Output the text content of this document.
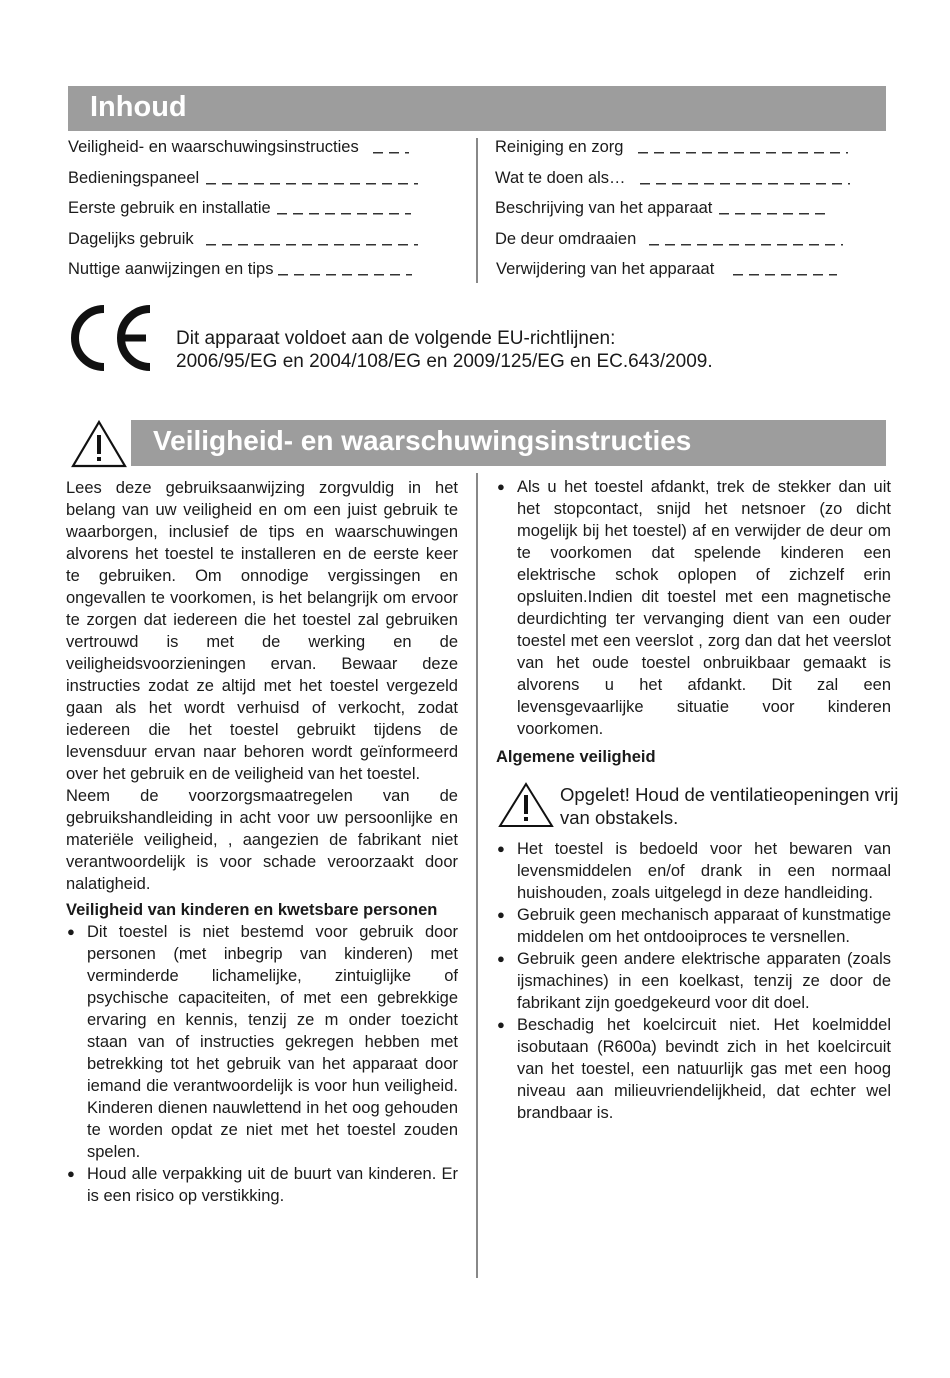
Inhoud
Veiligheid- en waarschuwingsinstructies
Bedieningspaneel
Eerste gebruik en installatie
Dagelijks gebruik
Nuttige aanwijzingen en tips
Reiniging en zorg
Wat te doen als…
Beschrijving van het apparaat
De deur omdraaien
Verwijdering van het apparaat
Dit apparaat voldoet aan de volgende EU-richtlijnen:
2006/95/EG en 2004/108/EG en 2009/125/EG en EC.643/2009.
Veiligheid- en waarschuwingsinstructies

Lees deze gebruiksaanwijzing zorgvuldig in het belang van uw veiligheid en om een juist gebruik te waarborgen, inclusief de tips en waarschuwingen alvorens het toestel te installeren en de eerste keer te gebruiken. Om onnodige vergissingen en ongevallen te voorkomen, is het belangrijk om ervoor te zorgen dat iedereen die het toestel zal gebruiken vertrouwd is met de werking en de veiligheidsvoorzieningen ervan. Bewaar deze instructies zodat ze altijd met het toestel vergezeld gaan als het wordt verhuisd of verkocht, zodat iedereen die het toestel gebruikt tijdens de levensduur ervan naar behoren wordt geïnformeerd over het gebruik en de veiligheid van het toestel.

Neem de voorzorgsmaatregelen van de gebruikshandleiding in acht voor uw persoonlijke en materiële veiligheid, , aangezien de fabrikant niet verantwoordelijk is voor schade veroorzaakt door nalatigheid.

Veiligheid van kinderen en kwetsbare personen
● Dit toestel is niet bestemd voor gebruik door personen (met inbegrip van kinderen) met verminderde lichamelijke, zintuiglijke of psychische capaciteiten, of met een gebrekkige ervaring en kennis, tenzij ze m onder toezicht staan van of instructies gekregen hebben met betrekking tot het gebruik van het apparaat door iemand die verantwoordelijk is voor hun veiligheid. Kinderen dienen nauwlettend in het oog gehouden te worden opdat ze niet met het toestel zouden spelen.
● Houd alle verpakking uit de buurt van kinderen. Er is een risico op verstikking.
● Als u het toestel afdankt, trek de stekker dan uit het stopcontact, snijd het netsnoer (zo dicht mogelijk bij het toestel) af en verwijder de deur om te voorkomen dat spelende kinderen een elektrische schok oplopen of zichzelf erin opsluiten.Indien dit toestel met een magnetische deurdichting ter vervanging dient van een ouder toestel met een veerslot , zorg dan dat het veerslot van het oude toestel onbruikbaar gemaakt is alvorens u het afdankt. Dit zal een levensgevaarlijke situatie voor kinderen voorkomen.
Algemene veiligheid
Opgelet! Houd de ventilatieopeningen vrij van obstakels.
● Het toestel is bedoeld voor het bewaren van levensmiddelen en/of drank in een normaal huishouden, zoals uitgelegd in deze handleiding.
● Gebruik geen mechanisch apparaat of kunstmatige middelen om het ontdooiproces te versnellen.
● Gebruik geen andere elektrische apparaten (zoals ijsmachines) in een koelkast, tenzij ze door de fabrikant zijn goedgekeurd voor dit doel.
● Beschadig het koelcircuit niet. Het koelmiddel isobutaan (R600a) bevindt zich in het koelcircuit van het toestel, een natuurlijk gas met een hoog niveau aan milieuvriendelijkheid, dat echter wel brandbaar is.
